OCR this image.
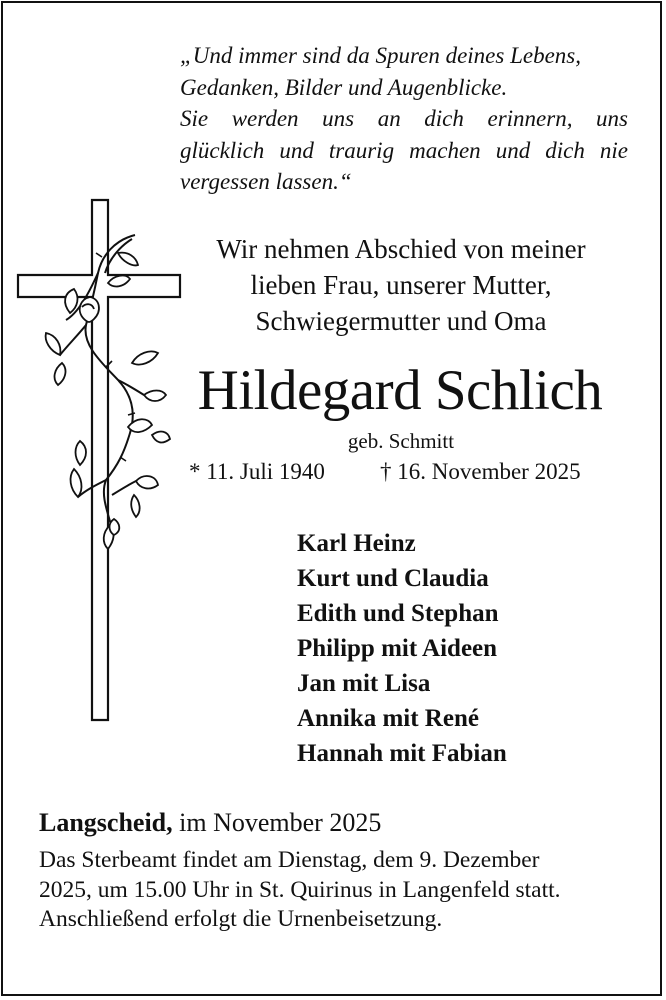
„Und immer sind da Spuren deines Lebens,
Gedanken, Bilder und Augenblicke.
Sie werden uns an dich erinnern, uns
glücklich und traurig machen und dich nie
vergessen lassen.“
Wir nehmen Abschied von meiner
lieben Frau, unserer Mutter,
Schwiegermutter und Oma
Hildegard Schlich
geb. Schmitt
* 11. Juli 1940 † 16. November 2025
Karl Heinz
Kurt und Claudia
Edith und Stephan
Philipp mit Aideen
Jan mit Lisa
Annika mit René
Hannah mit Fabian
Langscheid, im November 2025
Das Sterbeamt findet am Dienstag, dem 9. Dezember
2025, um 15.00 Uhr in St. Quirinus in Langenfeld statt.
Anschließend erfolgt die Urnenbeisetzung.
